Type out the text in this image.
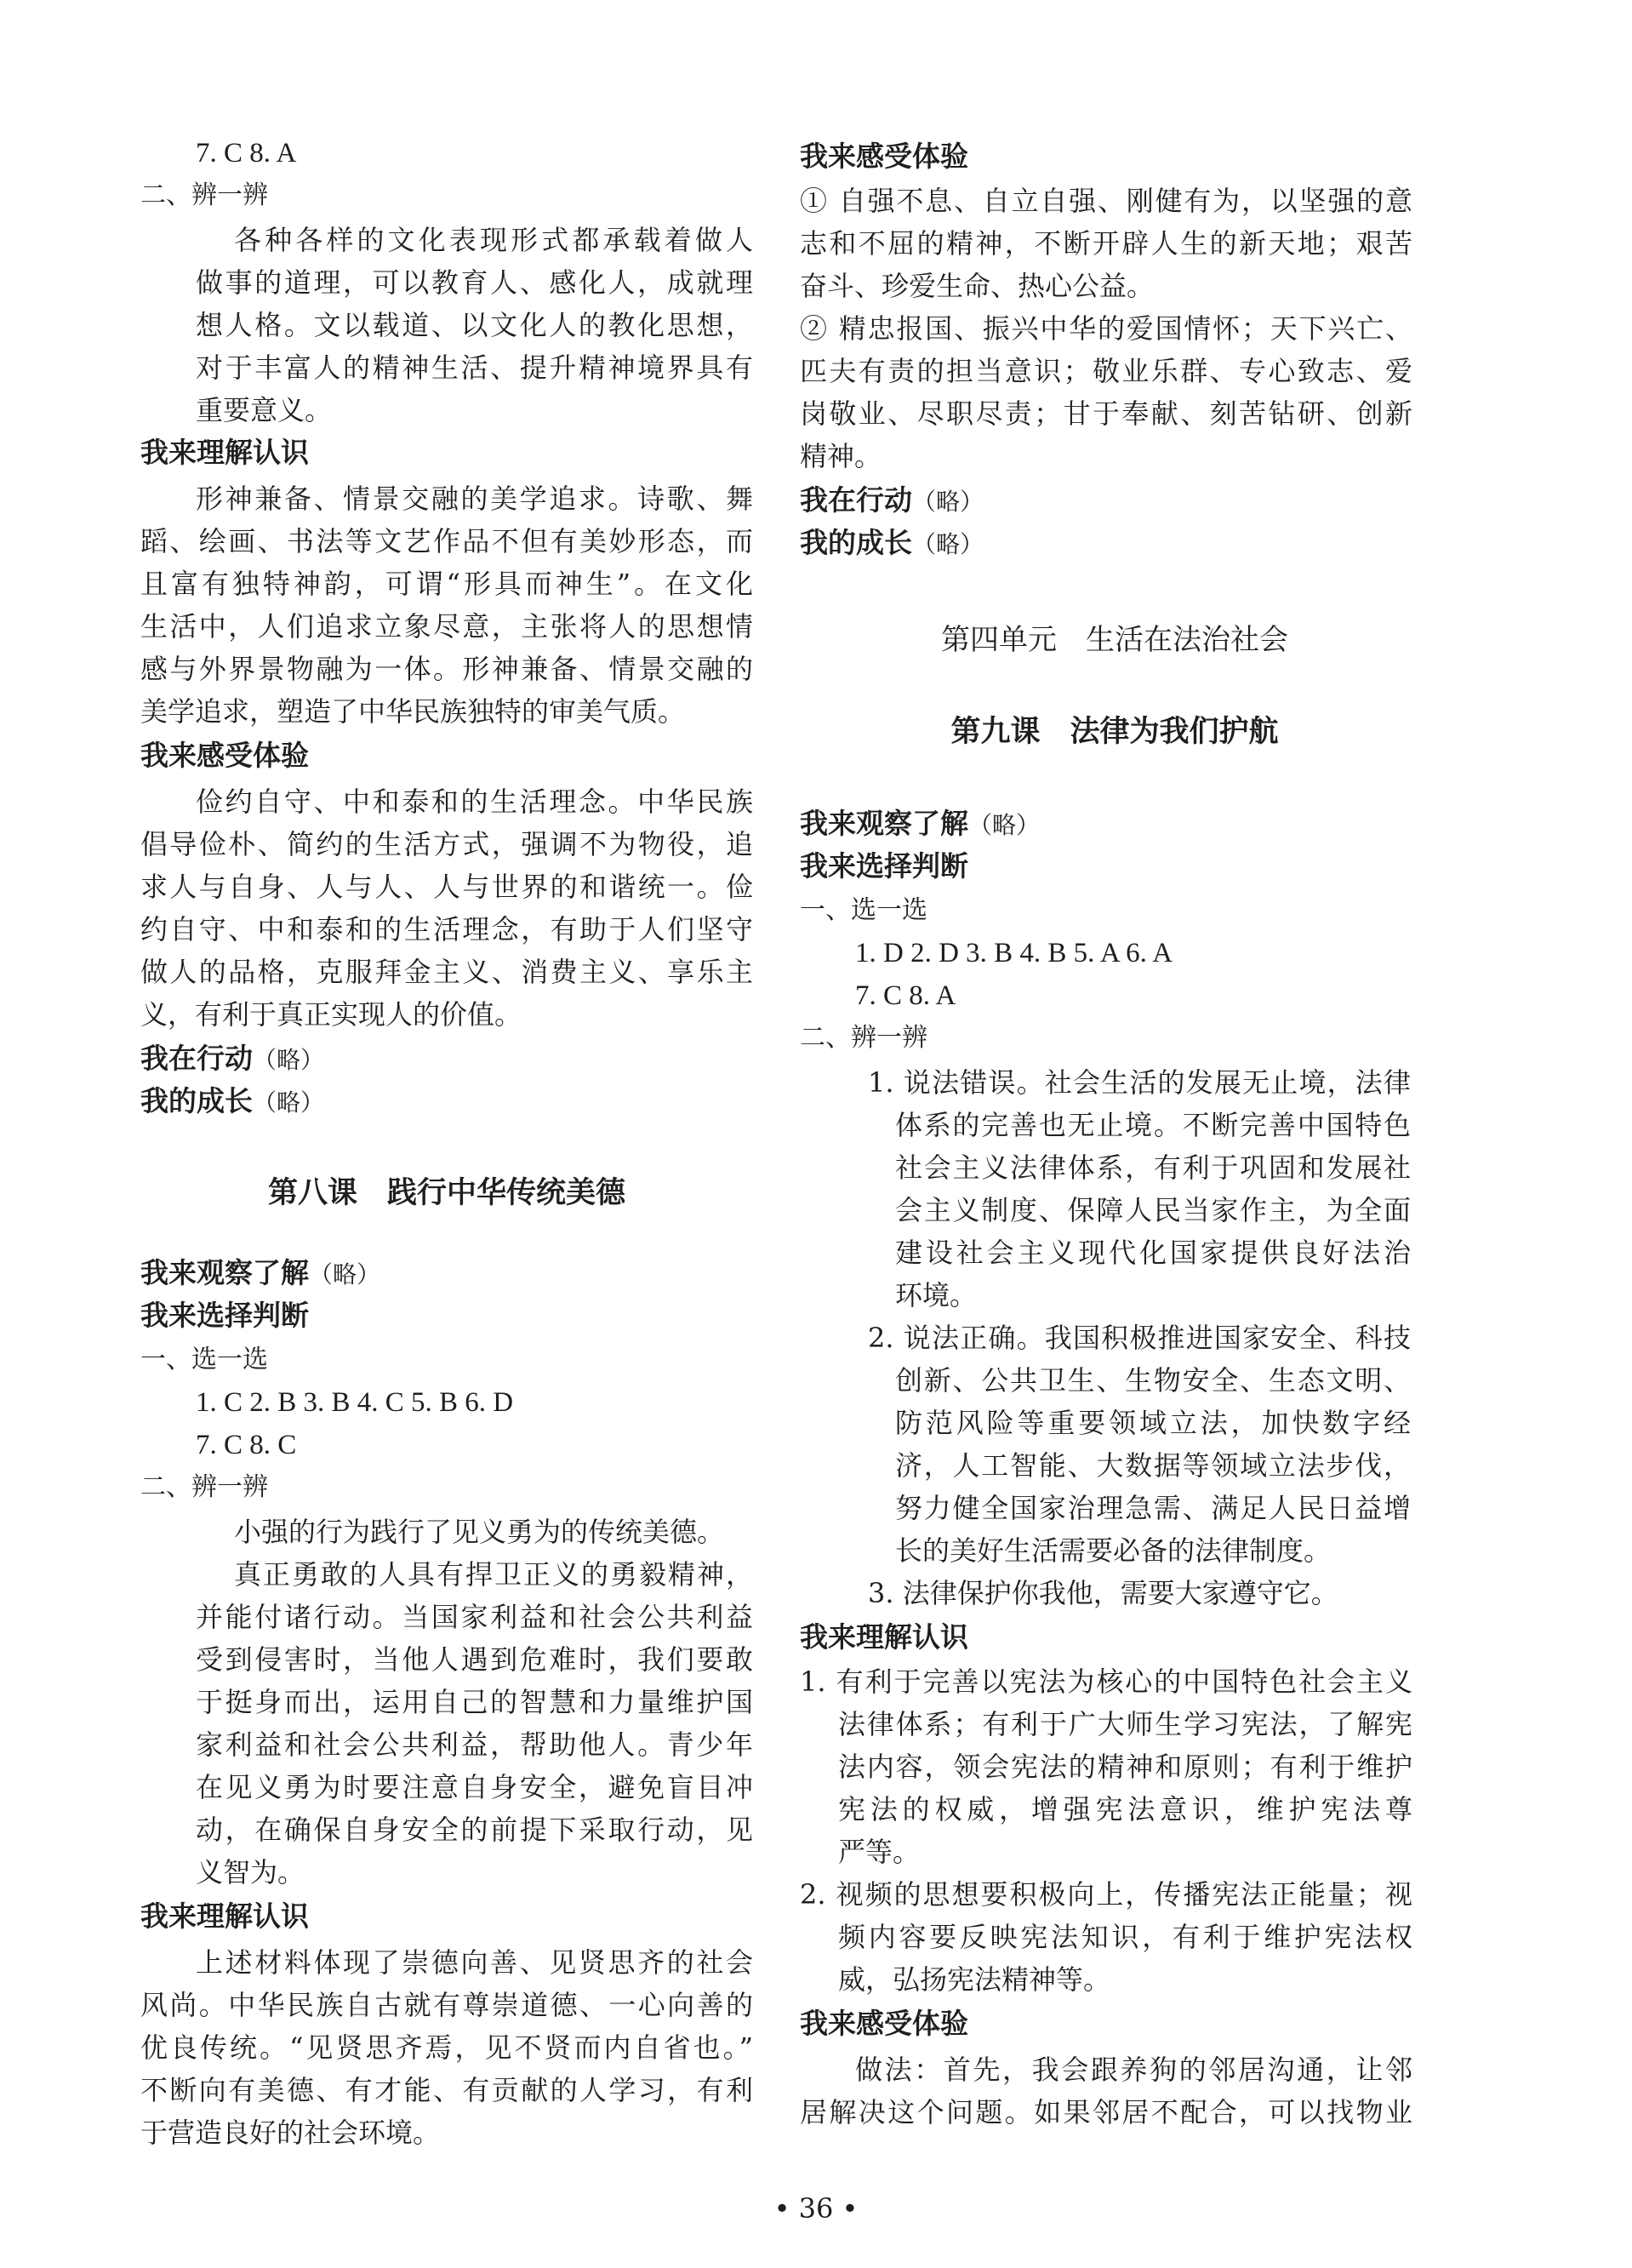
7. C 8. A
二、辨一辨
各种各样的文化表现形式都承载着做人
做事的道理，可以教育人、感化人，成就理
想人格。文以载道、以文化人的教化思想，
对于丰富人的精神生活、提升精神境界具有
重要意义。
我来理解认识
形神兼备、情景交融的美学追求。诗歌、舞
蹈、绘画、书法等文艺作品不但有美妙形态，而
且富有独特神韵，可谓“形具而神生”。在文化
生活中，人们追求立象尽意，主张将人的思想情
感与外界景物融为一体。形神兼备、情景交融的
美学追求，塑造了中华民族独特的审美气质。
我来感受体验
俭约自守、中和泰和的生活理念。中华民族
倡导俭朴、简约的生活方式，强调不为物役，追
求人与自身、人与人、人与世界的和谐统一。俭
约自守、中和泰和的生活理念，有助于人们坚守
做人的品格，克服拜金主义、消费主义、享乐主
义，有利于真正实现人的价值。
我在行动（略）
我的成长（略）
第八课　践行中华传统美德
我来观察了解（略）
我来选择判断
一、选一选
1. C 2. B 3. B 4. C 5. B 6. D
7. C 8. C
二、辨一辨
小强的行为践行了见义勇为的传统美德。
真正勇敢的人具有捍卫正义的勇毅精神，
并能付诸行动。当国家利益和社会公共利益
受到侵害时，当他人遇到危难时，我们要敢
于挺身而出，运用自己的智慧和力量维护国
家利益和社会公共利益，帮助他人。青少年
在见义勇为时要注意自身安全，避免盲目冲
动，在确保自身安全的前提下采取行动，见
义智为。
我来理解认识
上述材料体现了崇德向善、见贤思齐的社会
风尚。中华民族自古就有尊崇道德、一心向善的
优良传统。“见贤思齐焉，见不贤而内自省也。”
不断向有美德、有才能、有贡献的人学习，有利
于营造良好的社会环境。
我来感受体验
① 自强不息、自立自强、刚健有为，以坚强的意
志和不屈的精神，不断开辟人生的新天地；艰苦
奋斗、珍爱生命、热心公益。
② 精忠报国、振兴中华的爱国情怀；天下兴亡、
匹夫有责的担当意识；敬业乐群、专心致志、爱
岗敬业、尽职尽责；甘于奉献、刻苦钻研、创新
精神。
我在行动（略）
我的成长（略）
第四单元　生活在法治社会
第九课　法律为我们护航
我来观察了解（略）
我来选择判断
一、选一选
1. D 2. D 3. B 4. B 5. A 6. A
7. C 8. A
二、辨一辨
1. 说法错误。社会生活的发展无止境，法律
体系的完善也无止境。不断完善中国特色
社会主义法律体系，有利于巩固和发展社
会主义制度、保障人民当家作主，为全面
建设社会主义现代化国家提供良好法治
环境。
2. 说法正确。我国积极推进国家安全、科技
创新、公共卫生、生物安全、生态文明、
防范风险等重要领域立法，加快数字经
济，人工智能、大数据等领域立法步伐，
努力健全国家治理急需、满足人民日益增
长的美好生活需要必备的法律制度。
3. 法律保护你我他，需要大家遵守它。
我来理解认识
1. 有利于完善以宪法为核心的中国特色社会主义
法律体系；有利于广大师生学习宪法，了解宪
法内容，领会宪法的精神和原则；有利于维护
宪法的权威，增强宪法意识，维护宪法尊
严等。
2. 视频的思想要积极向上，传播宪法正能量；视
频内容要反映宪法知识，有利于维护宪法权
威，弘扬宪法精神等。
我来感受体验
做法：首先，我会跟养狗的邻居沟通，让邻
居解决这个问题。如果邻居不配合，可以找物业
• 36 •
